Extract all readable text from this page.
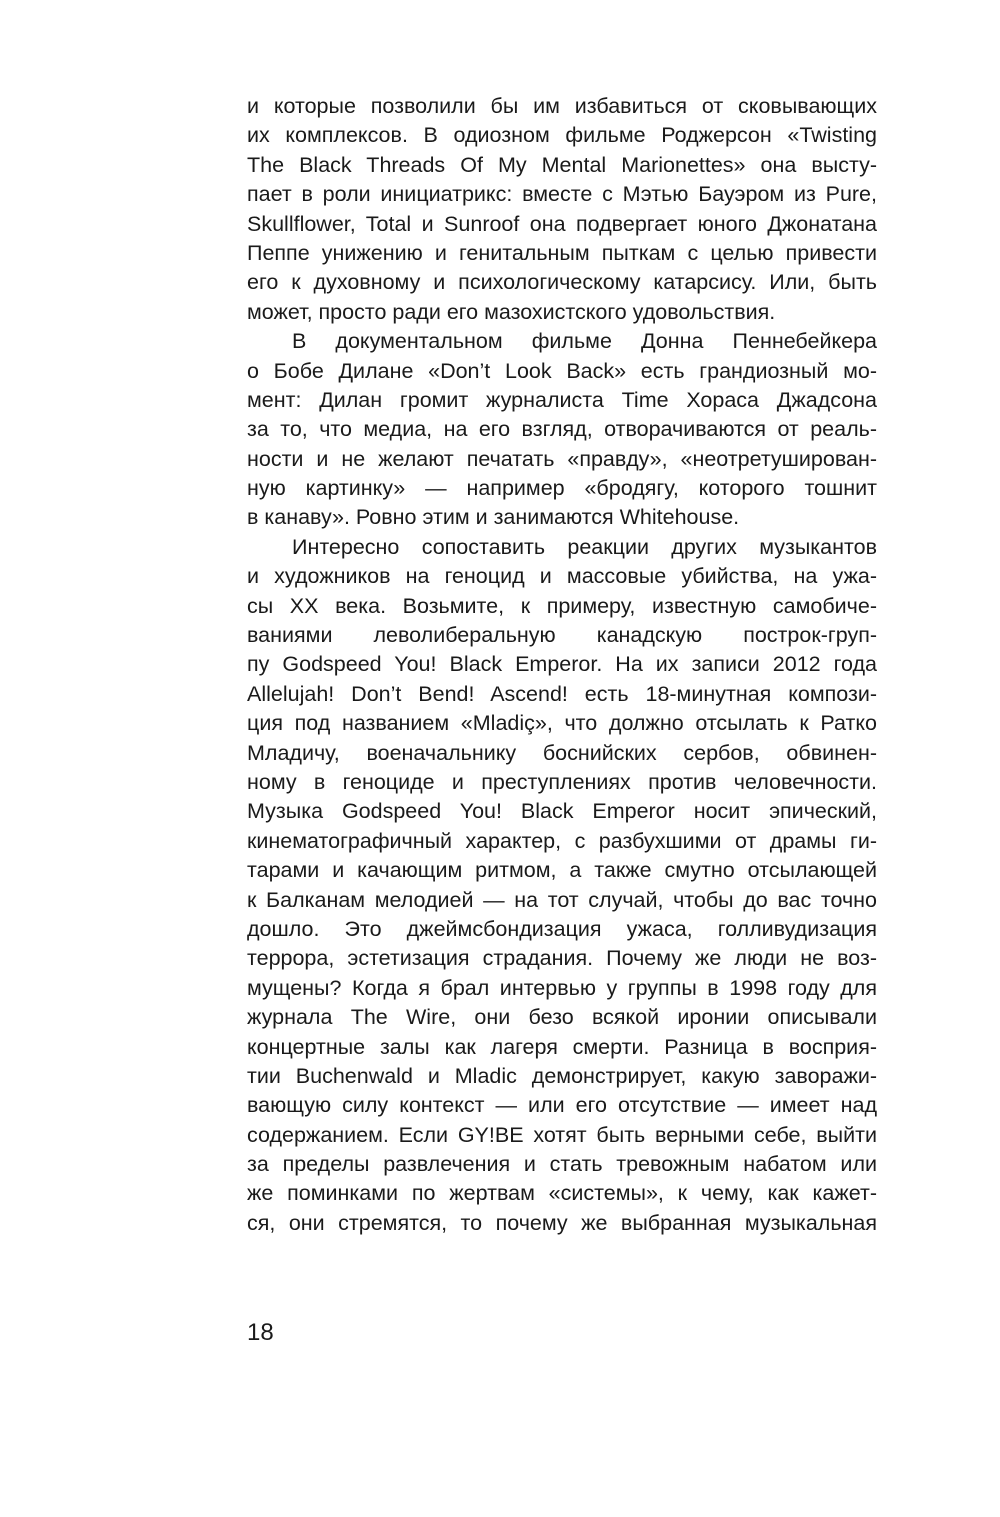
и которые позволили бы им избавиться от сковывающих
их комплексов. В одиозном фильме Роджерсон «Twisting
The Black Threads Of My Mental Marionettes» она высту-
пает в роли инициатрикс: вместе с Мэтью Бауэром из Pure,
Skullflower, Total и Sunroof она подвергает юного Джонатана
Пеппе унижению и генитальным пыткам с целью привести
его к духовному и психологическому катарсису. Или, быть
может, просто ради его мазохистского удовольствия.
В документальном фильме Донна Пеннебейкера
о Бобе Дилане «Don’t Look Back» есть грандиозный мо-
мент: Дилан громит журналиста Time Хораса Джадсона
за то, что медиа, на его взгляд, отворачиваются от реаль-
ности и не желают печатать «правду», «неотретуширован-
ную картинку» — например «бродягу, которого тошнит
в канаву». Ровно этим и занимаются Whitehouse.
Интересно сопоставить реакции других музыкантов
и художников на геноцид и массовые убийства, на ужа-
сы XX века. Возьмите, к примеру, известную самобиче-
ваниями леволиберальную канадскую построк-груп-
пу Godspeed You! Black Emperor. На их записи 2012 года
Allelujah! Don’t Bend! Ascend! есть 18-минутная компози-
ция под названием «Mladiç», что должно отсылать к Ратко
Младичу, военачальнику боснийских сербов, обвинен-
ному в геноциде и преступлениях против человечности.
Музыка Godspeed You! Black Emperor носит эпический,
кинематографичный характер, с разбухшими от драмы ги-
тарами и качающим ритмом, а также смутно отсылающей
к Балканам мелодией — на тот случай, чтобы до вас точно
дошло. Это джеймсбондизация ужаса, голливудизация
террора, эстетизация страдания. Почему же люди не воз-
мущены? Когда я брал интервью у группы в 1998 году для
журнала The Wire, они безо всякой иронии описывали
концертные залы как лагеря смерти. Разница в восприя-
тии Buchenwald и Mladic демонстрирует, какую заворажи-
вающую силу контекст — или его отсутствие — имеет над
содержанием. Если GY!BE хотят быть верными себе, выйти
за пределы развлечения и стать тревожным набатом или
же поминками по жертвам «системы», к чему, как кажет-
ся, они стремятся, то почему же выбранная музыкальная
18
